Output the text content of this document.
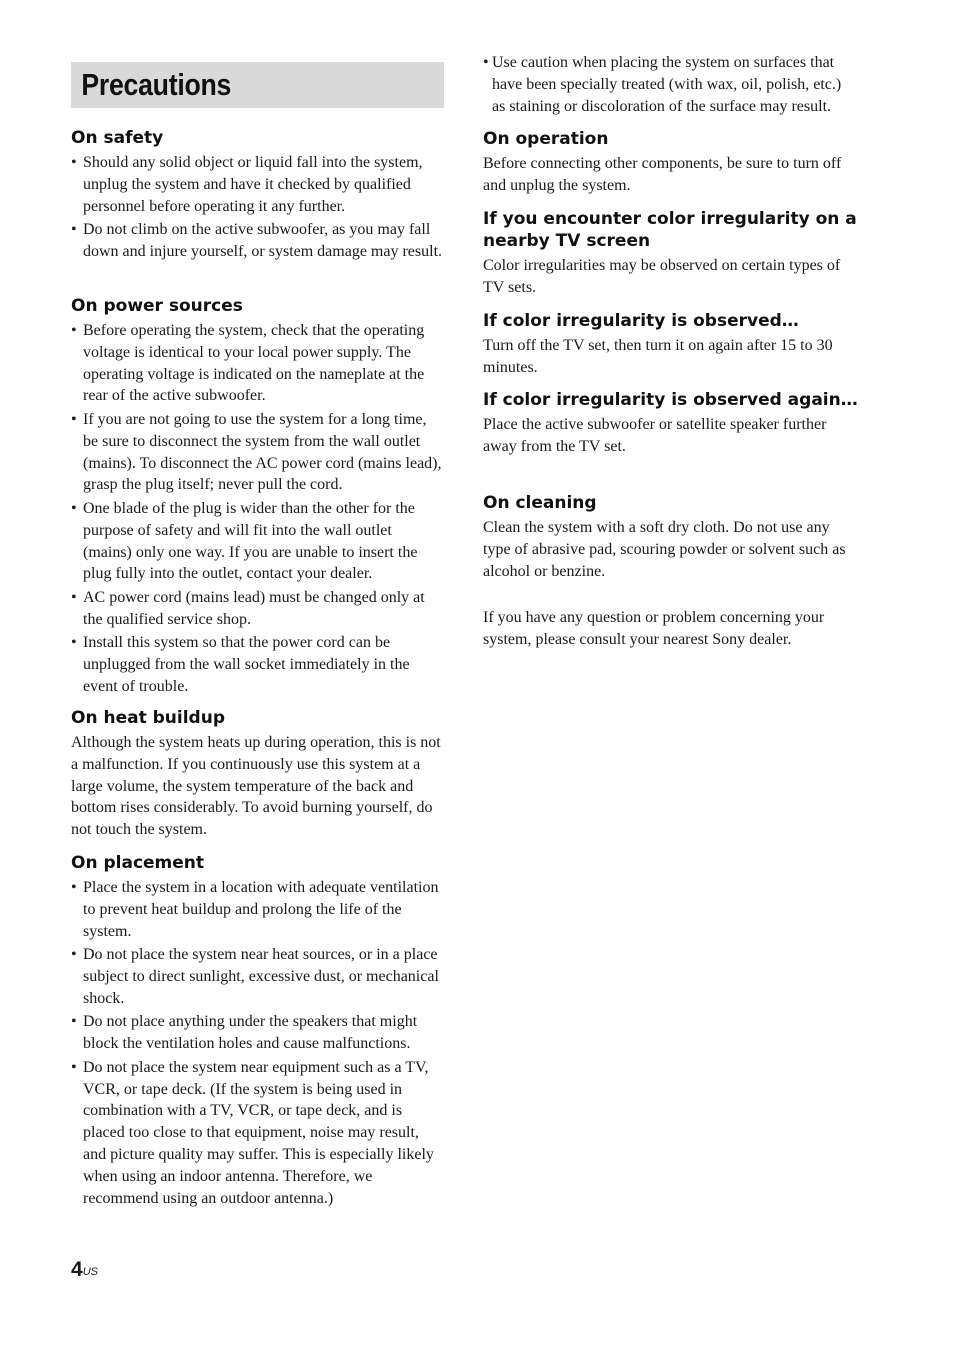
Precautions
On safety
• Should any solid object or liquid fall into the system, unplug the system and have it checked by qualified personnel before operating it any further.
• Do not climb on the active subwoofer, as you may fall down and injure yourself, or system damage may result.
On power sources
• Before operating the system, check that the operating voltage is identical to your local power supply. The operating voltage is indicated on the nameplate at the rear of the active subwoofer.
• If you are not going to use the system for a long time, be sure to disconnect the system from the wall outlet (mains). To disconnect the AC power cord (mains lead), grasp the plug itself; never pull the cord.
• One blade of the plug is wider than the other for the purpose of safety and will fit into the wall outlet (mains) only one way. If you are unable to insert the plug fully into the outlet, contact your dealer.
• AC power cord (mains lead) must be changed only at the qualified service shop.
• Install this system so that the power cord can be unplugged from the wall socket immediately in the event of trouble.
On heat buildup

Although the system heats up during operation, this is not a malfunction. If you continuously use this system at a large volume, the system temperature of the back and bottom rises considerably. To avoid burning yourself, do not touch the system.

On placement
• Place the system in a location with adequate ventilation to prevent heat buildup and prolong the life of the system.
• Do not place the system near heat sources, or in a place subject to direct sunlight, excessive dust, or mechanical shock.
• Do not place anything under the speakers that might block the ventilation holes and cause malfunctions.
• Do not place the system near equipment such as a TV, VCR, or tape deck. (If the system is being used in combination with a TV, VCR, or tape deck, and is placed too close to that equipment, noise may result, and picture quality may suffer. This is especially likely when using an indoor antenna. Therefore, we recommend using an outdoor antenna.)
• Use caution when placing the system on surfaces that have been specially treated (with wax, oil, polish, etc.) as staining or discoloration of the surface may result.
On operation

Before connecting other components, be sure to turn off and unplug the system.

If you encounter color irregularity on a nearby TV screen

Color irregularities may be observed on certain types of TV sets.

If color irregularity is observed…

Turn off the TV set, then turn it on again after 15 to 30 minutes.

If color irregularity is observed again…

Place the active subwoofer or satellite speaker further away from the TV set.

On cleaning

Clean the system with a soft dry cloth. Do not use any type of abrasive pad, scouring powder or solvent such as alcohol or benzine.

If you have any question or problem concerning your system, please consult your nearest Sony dealer.

$4^{US}$
